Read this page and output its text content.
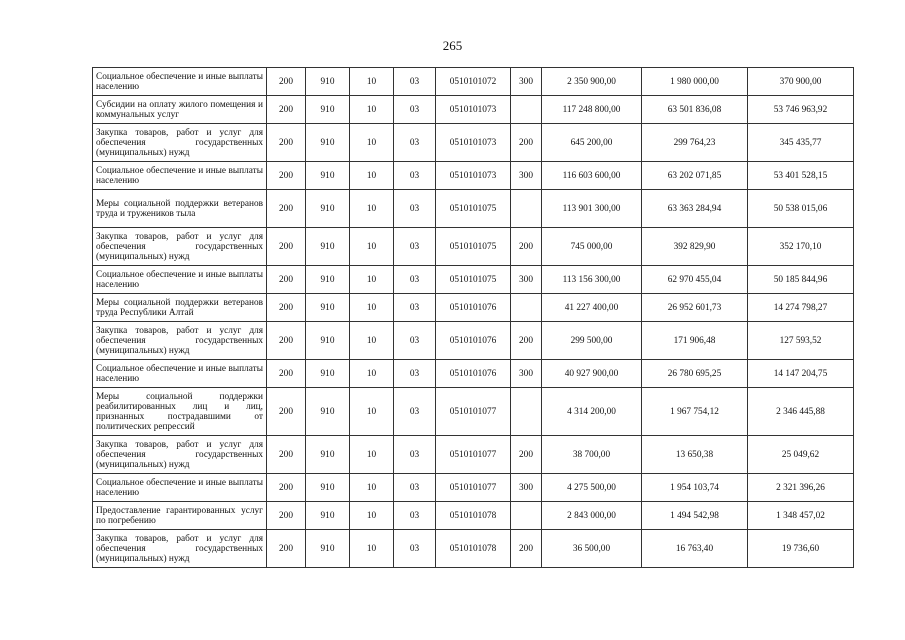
265
Социальное обеспечение и иные выплаты населению	200	910	10	03	0510101072	300	2 350 900,00	1 980 000,00	370 900,00
Субсидии на оплату жилого помещения и коммунальных услуг	200	910	10	03	0510101073		117 248 800,00	63 501 836,08	53 746 963,92
Закупка товаров, работ и услуг для обеспечения государственных (муниципальных) нужд	200	910	10	03	0510101073	200	645 200,00	299 764,23	345 435,77
Социальное обеспечение и иные выплаты населению	200	910	10	03	0510101073	300	116 603 600,00	63 202 071,85	53 401 528,15
Меры социальной поддержки ветеранов труда и тружеников тыла	200	910	10	03	0510101075		113 901 300,00	63 363 284,94	50 538 015,06
Закупка товаров, работ и услуг для обеспечения государственных (муниципальных) нужд	200	910	10	03	0510101075	200	745 000,00	392 829,90	352 170,10
Социальное обеспечение и иные выплаты населению	200	910	10	03	0510101075	300	113 156 300,00	62 970 455,04	50 185 844,96
Меры социальной поддержки ветеранов труда Республики Алтай	200	910	10	03	0510101076		41 227 400,00	26 952 601,73	14 274 798,27
Закупка товаров, работ и услуг для обеспечения государственных (муниципальных) нужд	200	910	10	03	0510101076	200	299 500,00	171 906,48	127 593,52
Социальное обеспечение и иные выплаты населению	200	910	10	03	0510101076	300	40 927 900,00	26 780 695,25	14 147 204,75
Меры социальной поддержки реабилитированных лиц и лиц, признанных пострадавшими от политических репрессий	200	910	10	03	0510101077		4 314 200,00	1 967 754,12	2 346 445,88
Закупка товаров, работ и услуг для обеспечения государственных (муниципальных) нужд	200	910	10	03	0510101077	200	38 700,00	13 650,38	25 049,62
Социальное обеспечение и иные выплаты населению	200	910	10	03	0510101077	300	4 275 500,00	1 954 103,74	2 321 396,26
Предоставление гарантированных услуг по погребению	200	910	10	03	0510101078		2 843 000,00	1 494 542,98	1 348 457,02
Закупка товаров, работ и услуг для обеспечения государственных (муниципальных) нужд	200	910	10	03	0510101078	200	36 500,00	16 763,40	19 736,60
